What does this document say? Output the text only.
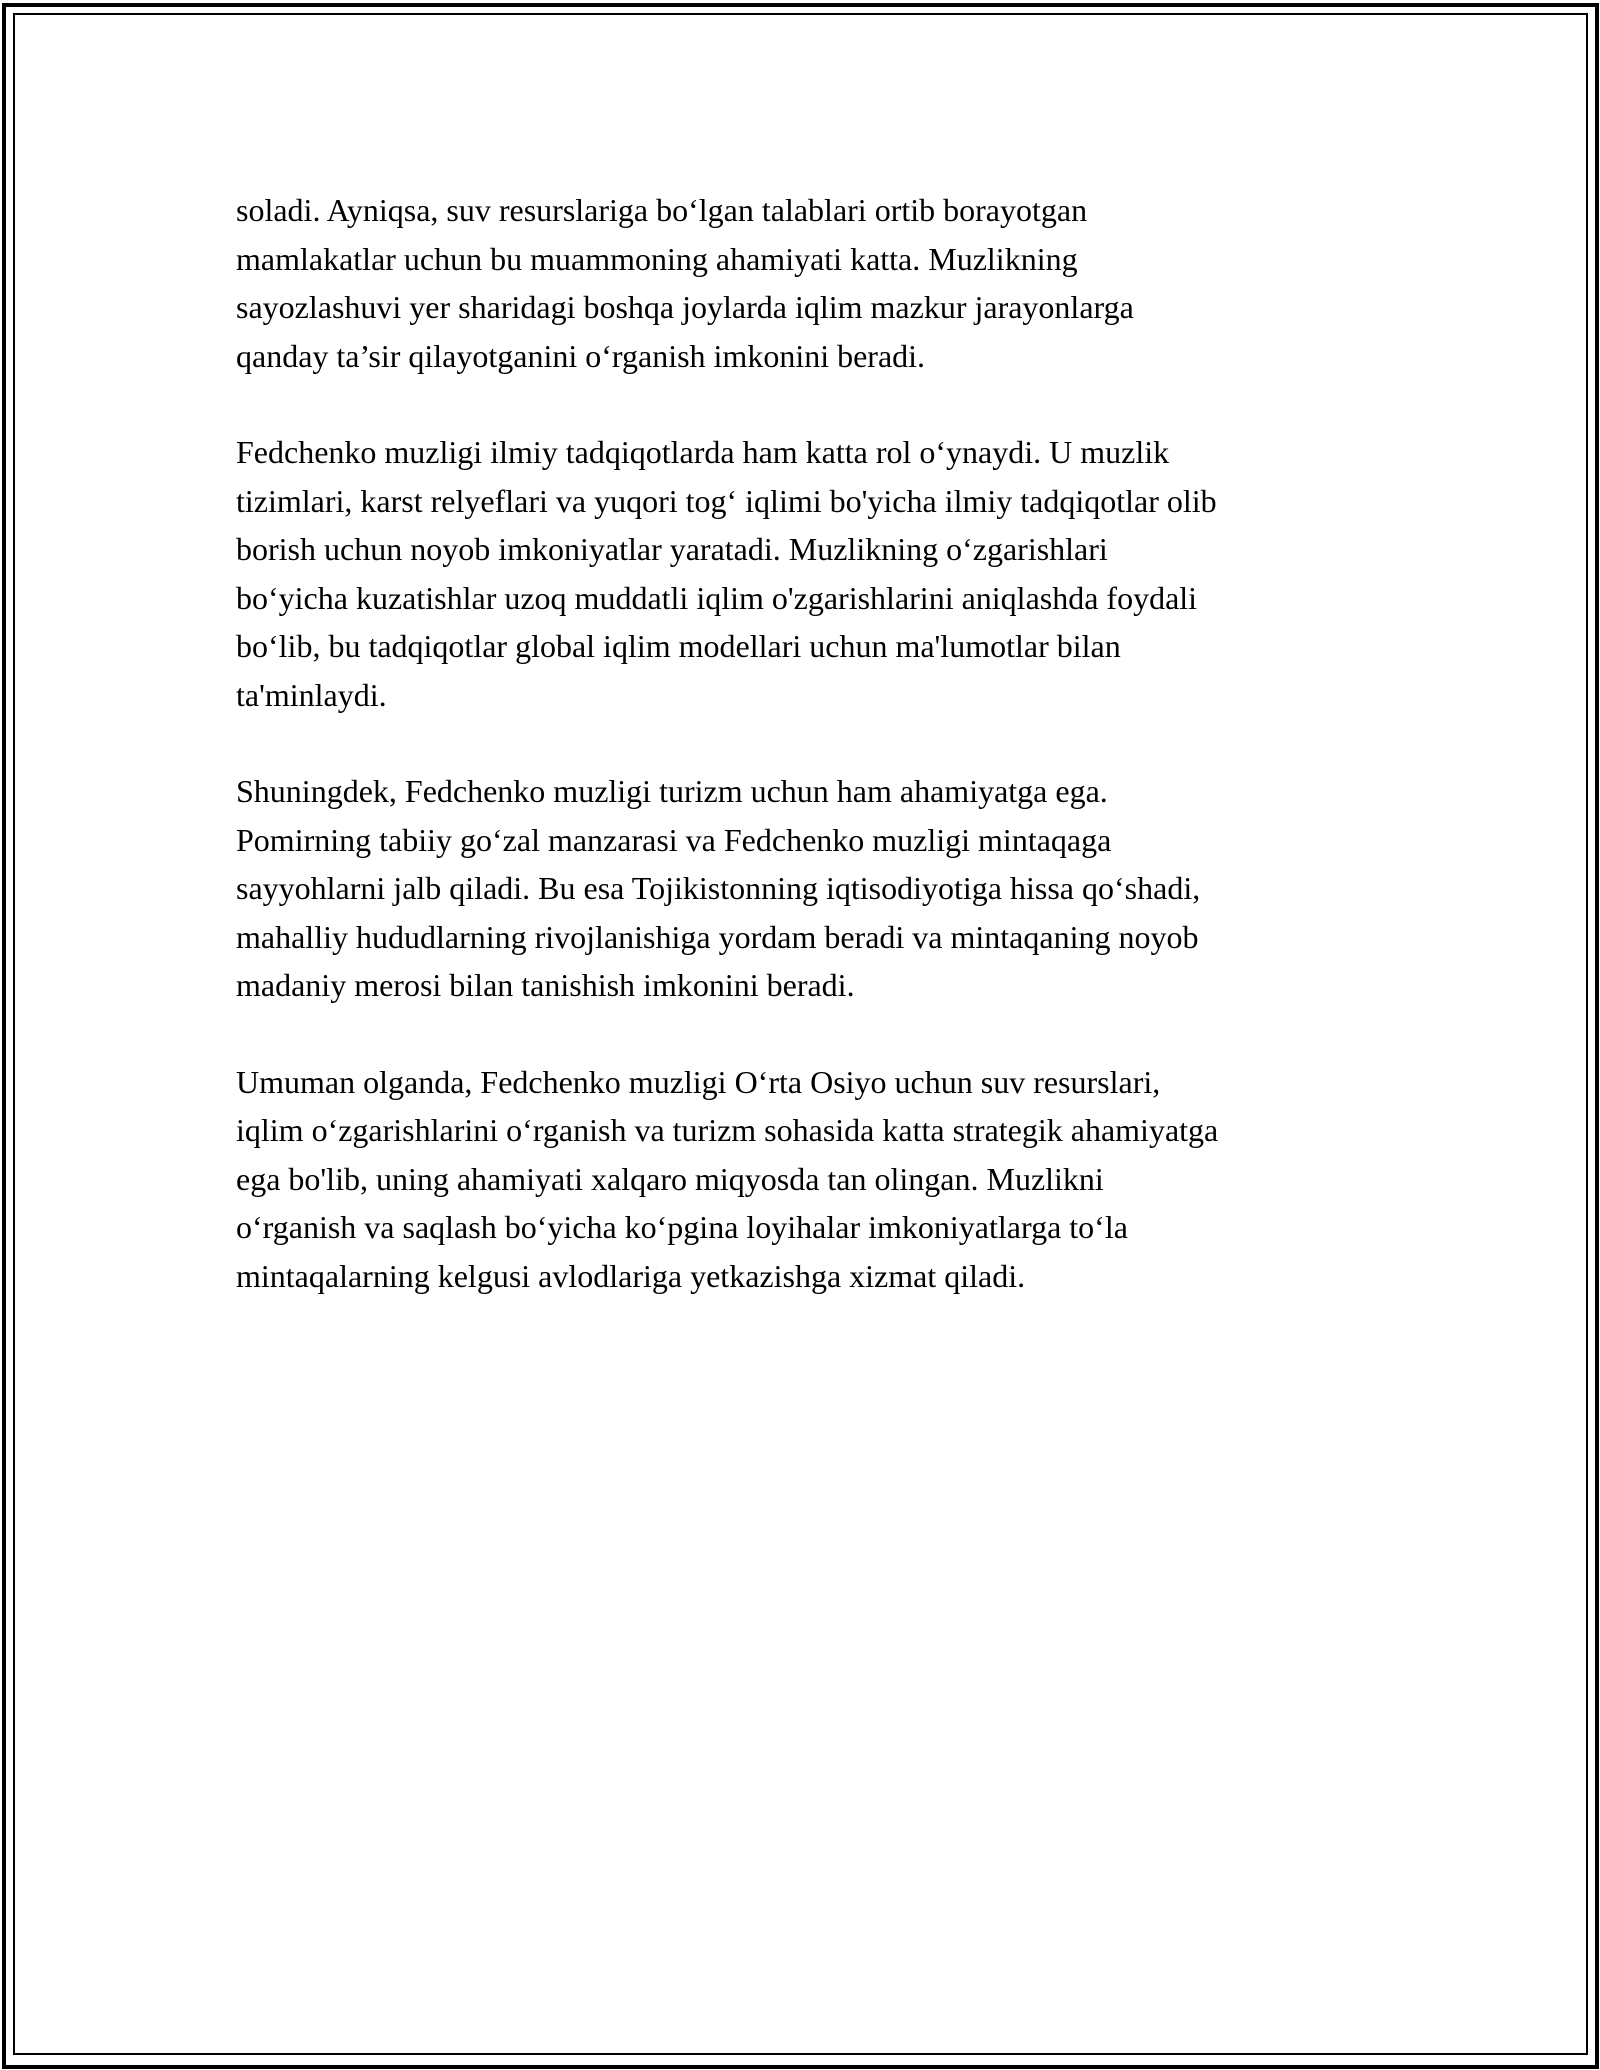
soladi. Ayniqsa, suv resurslariga bo‘lgan talablari ortib borayotgan
mamlakatlar uchun bu muammoning ahamiyati katta. Muzlikning
sayozlashuvi yer sharidagi boshqa joylarda iqlim mazkur jarayonlarga
qanday ta’sir qilayotganini o‘rganish imkonini beradi.

Fedchenko muzligi ilmiy tadqiqotlarda ham katta rol o‘ynaydi. U muzlik
tizimlari, karst relyeflari va yuqori tog‘ iqlimi bo'yicha ilmiy tadqiqotlar olib
borish uchun noyob imkoniyatlar yaratadi. Muzlikning o‘zgarishlari
bo‘yicha kuzatishlar uzoq muddatli iqlim o'zgarishlarini aniqlashda foydali
bo‘lib, bu tadqiqotlar global iqlim modellari uchun ma'lumotlar bilan
ta'minlaydi.

Shuningdek, Fedchenko muzligi turizm uchun ham ahamiyatga ega.
Pomirning tabiiy go‘zal manzarasi va Fedchenko muzligi mintaqaga
sayyohlarni jalb qiladi. Bu esa Tojikistonning iqtisodiyotiga hissa qo‘shadi,
mahalliy hududlarning rivojlanishiga yordam beradi va mintaqaning noyob
madaniy merosi bilan tanishish imkonini beradi.

Umuman olganda, Fedchenko muzligi O‘rta Osiyo uchun suv resurslari,
iqlim o‘zgarishlarini o‘rganish va turizm sohasida katta strategik ahamiyatga
ega bo'lib, uning ahamiyati xalqaro miqyosda tan olingan. Muzlikni
o‘rganish va saqlash bo‘yicha ko‘pgina loyihalar imkoniyatlarga to‘la
mintaqalarning kelgusi avlodlariga yetkazishga xizmat qiladi.
